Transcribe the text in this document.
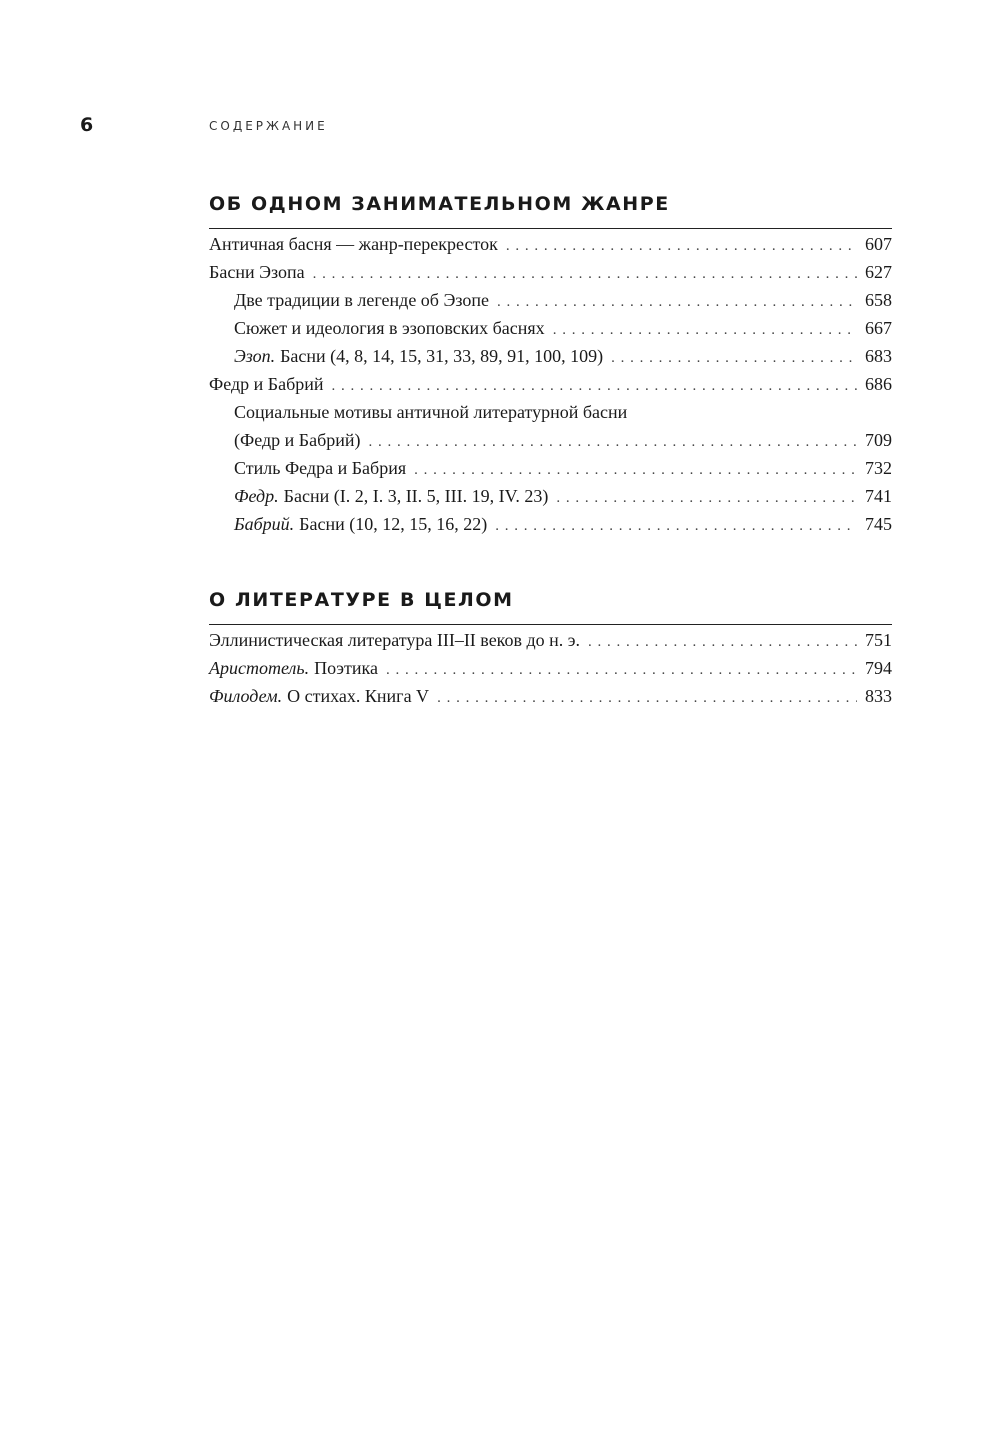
6	СОДЕРЖАНИЕ
ОБ ОДНОМ ЗАНИМАТЕЛЬНОМ ЖАНРЕ
Античная басня — жанр-перекресток . . .	607
Басни Эзопа . . .	627
Две традиции в легенде об Эзопе . . .	658
Сюжет и идеология в эзоповских баснях . . .	667
Эзоп. Басни (4, 8, 14, 15, 31, 33, 89, 91, 100, 109) . . .	683
Федр и Бабрий . . .	686
Социальные мотивы античной литературной басни
(Федр и Бабрий) . . .	709
Стиль Федра и Бабрия . . .	732
Федр. Басни (I. 2, I. 3, II. 5, III. 19, IV. 23) . . .	741
Бабрий. Басни (10, 12, 15, 16, 22) . . .	745
О ЛИТЕРАТУРЕ В ЦЕЛОМ
Эллинистическая литература III–II веков до н. э. . . .	751
Аристотель. Поэтика . . .	794
Филодем. О стихах. Книга V . . .	833
